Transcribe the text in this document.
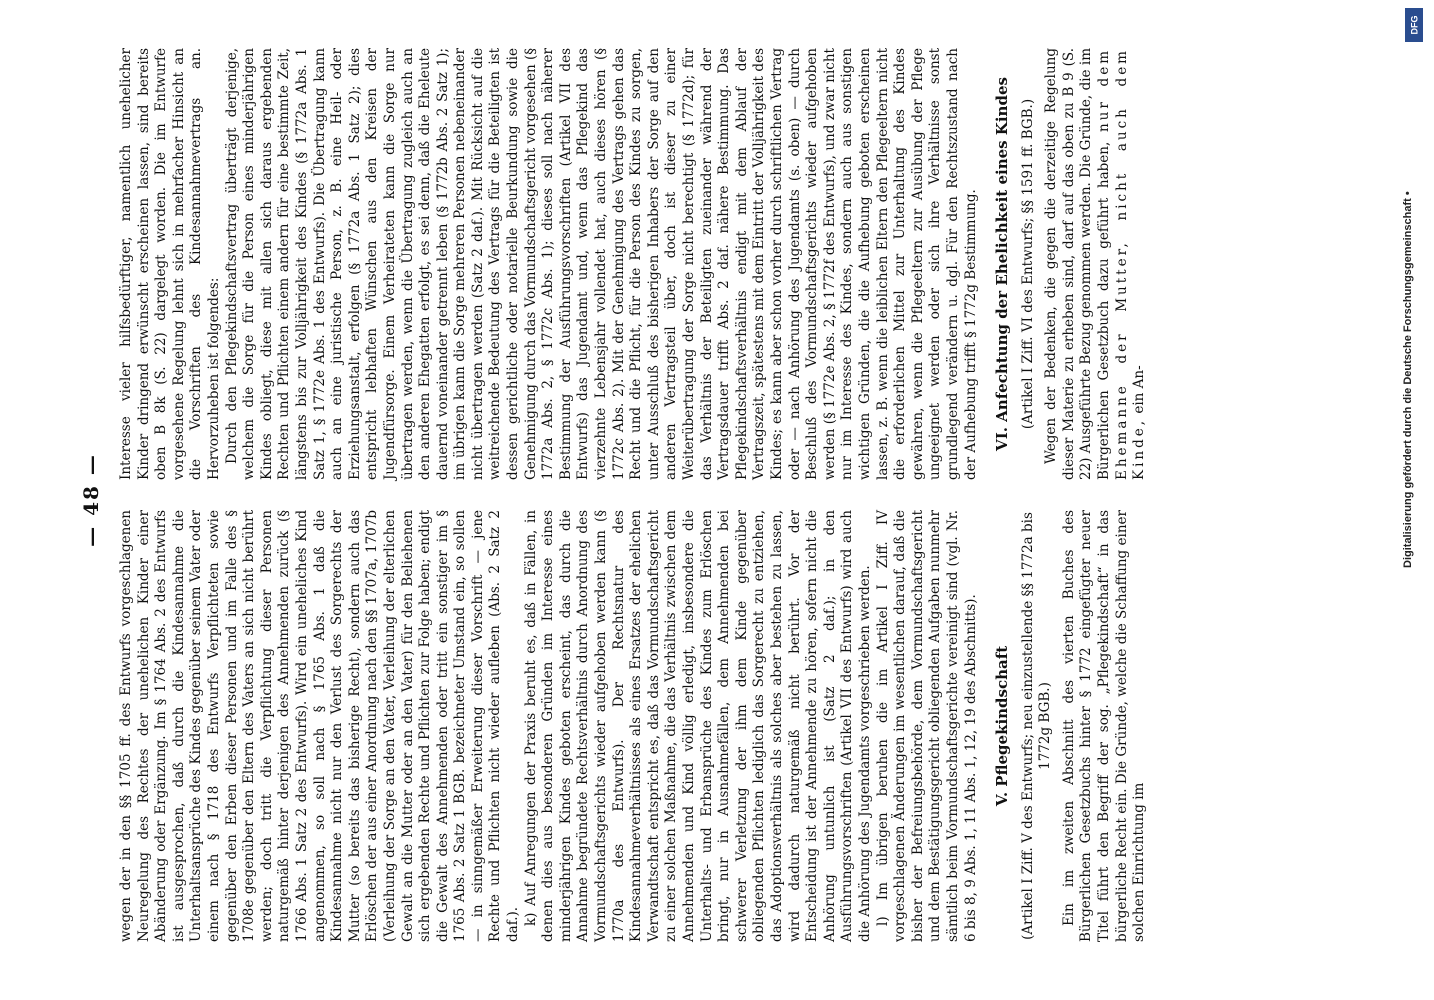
— 48 —

wegen der in den §§ 1705 ff. des Entwurfs vorgeschlagenen Neuregelung des Rechtes der unehelichen Kinder einer Abänderung oder Ergänzung. Im § 1764 Abs. 2 des Entwurfs ist ausgesprochen, daß durch die Kindesannahme die Unterhaltsansprüche des Kindes gegenüber seinem Vater oder einem nach § 1718 des Entwurfs Verpflichteten sowie gegenüber den Erben dieser Personen und im Falle des § 1708e gegenüber den Eltern des Vaters an sich nicht berührt werden; doch tritt die Verpflichtung dieser Personen naturgemäß hinter derjenigen des Annehmenden zurück (§ 1766 Abs. 1 Satz 2 des Entwurfs). Wird ein uneheliches Kind angenommen, so soll nach § 1765 Abs. 1 daß die Kindesannahme nicht nur den Verlust des Sorgerechts der Mutter (so bereits das bisherige Recht), sondern auch das Erlöschen der aus einer Anordnung nach den §§ 1707a, 1707b (Verleihung der Sorge an den Vater, Verleihung der elterlichen Gewalt an die Mutter oder an den Vater) für den Beliehenen sich ergebenden Rechte und Pflichten zur Folge haben; endigt die Gewalt des Annehmenden oder tritt ein sonstiger im § 1765 Abs. 2 Satz 1 BGB. bezeichneter Umstand ein, so sollen — in sinngemäßer Erweiterung dieser Vorschrift — jene Rechte und Pflichten nicht wieder aufleben (Abs. 2 Satz 2 daf.). k) Auf Anregungen der Praxis beruht es, daß in Fällen, in denen dies aus besonderen Gründen im Interesse eines minderjährigen Kindes geboten erscheint, das durch die Annahme begründete Rechtsverhältnis durch Anordnung des Vormundschaftsgerichts wieder aufgehoben werden kann (§ 1770a des Entwurfs). Der Rechtsnatur des Kindesannahmeverhältnisses als eines Ersatzes der ehelichen Verwandtschaft entspricht es, daß das Vormundschaftsgericht zu einer solchen Maßnahme, die das Verhältnis zwischen dem Annehmenden und Kind völlig erledigt, insbesondere die Unterhalts- und Erbansprüche des Kindes zum Erlöschen bringt, nur in Ausnahmefällen, dem Annehmenden bei schwerer Verletzung der ihm dem Kinde gegenüber obliegenden Pflichten lediglich das Sorgerecht zu entziehen, das Adoptionsverhältnis als solches aber bestehen zu lassen, wird dadurch naturgemäß nicht berührt. Vor der Entscheidung ist der Annehmende zu hören, sofern nicht die Anhörung untunlich ist (Satz 2 daf.); in den Ausführungsvorschriften (Artikel VII des Entwurfs) wird auch die Anhörung des Jugendamts vorgeschrieben werden. l) Im übrigen beruhen die im Artikel I Ziff. IV vorgeschlagenen Änderungen im wesentlichen darauf, daß die bisher der Befreiungsbehörde, dem Vormundschaftsgericht und dem Bestätigungsgericht obliegenden Aufgaben nunmehr sämtlich beim Vormundschaftsgerichte vereinigt sind (vgl. Nr. 6 bis 8, 9 Abs. 1, 11 Abs. 1, 12, 19 des Abschnitts). V. Pflegekindschaft (Artikel I Ziff. V des Entwurfs; neu einzustellende §§ 1772a bis 1772g BGB.) Ein im zweiten Abschnitt des vierten Buches des Bürgerlichen Gesetzbuchs hinter § 1772 eingefügter neuer Titel führt den Begriff der sog. „Pflegekindschaft“ in das bürgerliche Recht ein. Die Gründe, welche die Schaffung einer solchen Einrichtung im

Interesse vieler hilfsbedürftiger, namentlich unehelicher Kinder dringend erwünscht erscheinen lassen, sind bereits oben B 8k (S. 22) dargelegt worden. Die im Entwurfe vorgesehene Regelung lehnt sich in mehrfacher Hinsicht an die Vorschriften des Kindesannahmevertrags an. Hervorzuheben ist folgendes: Durch den Pflegekindschaftsvertrag überträgt derjenige, welchem die Sorge für die Person eines minderjährigen Kindes obliegt, diese mit allen sich daraus ergebenden Rechten und Pflichten einem andern für eine bestimmte Zeit, längstens bis zur Volljährigkeit des Kindes (§ 1772a Abs. 1 Satz 1, § 1772e Abs. 1 des Entwurfs). Die Übertragung kann auch an eine juristische Person, z. B. eine Heil- oder Erziehungsanstalt, erfolgen (§ 1772a Abs. 1 Satz 2); dies entspricht lebhaften Wünschen aus den Kreisen der Jugendfürsorge. Einem Verheirateten kann die Sorge nur übertragen werden, wenn die Übertragung zugleich auch an den anderen Ehegatten erfolgt, es sei denn, daß die Eheleute dauernd voneinander getrennt leben (§ 1772b Abs. 2 Satz 1); im übrigen kann die Sorge mehreren Personen nebeneinander nicht übertragen werden (Satz 2 daf.). Mit Rücksicht auf die weitreichende Bedeutung des Vertrags für die Beteiligten ist dessen gerichtliche oder notarielle Beurkundung sowie die Genehmigung durch das Vormundschaftsgericht vorgesehen (§ 1772a Abs. 2, § 1772c Abs. 1); dieses soll nach näherer Bestimmung der Ausführungsvorschriften (Artikel VII des Entwurfs) das Jugendamt und, wenn das Pflegekind das vierzehnte Lebensjahr vollendet hat, auch dieses hören (§ 1772c Abs. 2). Mit der Genehmigung des Vertrags gehen das Recht und die Pflicht, für die Person des Kindes zu sorgen, unter Ausschluß des bisherigen Inhabers der Sorge auf den anderen Vertragsteil über, doch ist dieser zu einer Weiterübertragung der Sorge nicht berechtigt (§ 1772d); für das Verhältnis der Beteiligten zueinander während der Vertragsdauer trifft Abs. 2 daf. nähere Bestimmung. Das Pflegekindschaftsverhältnis endigt mit dem Ablauf der Vertragszeit, spätestens mit dem Eintritt der Volljährigkeit des Kindes; es kann aber schon vorher durch schriftlichen Vertrag oder — nach Anhörung des Jugendamts (s. oben) — durch Beschluß des Vormundschaftsgerichts wieder aufgehoben werden (§ 1772e Abs. 2, § 1772f des Entwurfs), und zwar nicht nur im Interesse des Kindes, sondern auch aus sonstigen wichtigen Gründen, die die Aufhebung geboten erscheinen lassen, z. B. wenn die leiblichen Eltern den Pflegeeltern nicht die erforderlichen Mittel zur Unterhaltung des Kindes gewähren, wenn die Pflegeeltern zur Ausübung der Pflege ungeeignet werden oder sich ihre Verhältnisse sonst grundlegend verändern u. dgl. Für den Rechtszustand nach der Aufhebung trifft § 1772g Bestimmung. VI. Anfechtung der Ehelichkeit eines Kindes (Artikel I Ziff. VI des Entwurfs; §§ 1591 ff. BGB.) Wegen der Bedenken, die gegen die derzeitige Regelung dieser Materie zu erheben sind, darf auf das oben zu B 9 (S. 22) Ausgeführte Bezug genommen werden. Die Gründe, die im Bürgerlichen Gesetzbuch dazu geführt haben, nur dem Ehemanne der Mutter, nicht auch dem Kinde, ein An-

DFG
Digitalisierung gefördert durch die Deutsche Forschungsgemeinschaft •
